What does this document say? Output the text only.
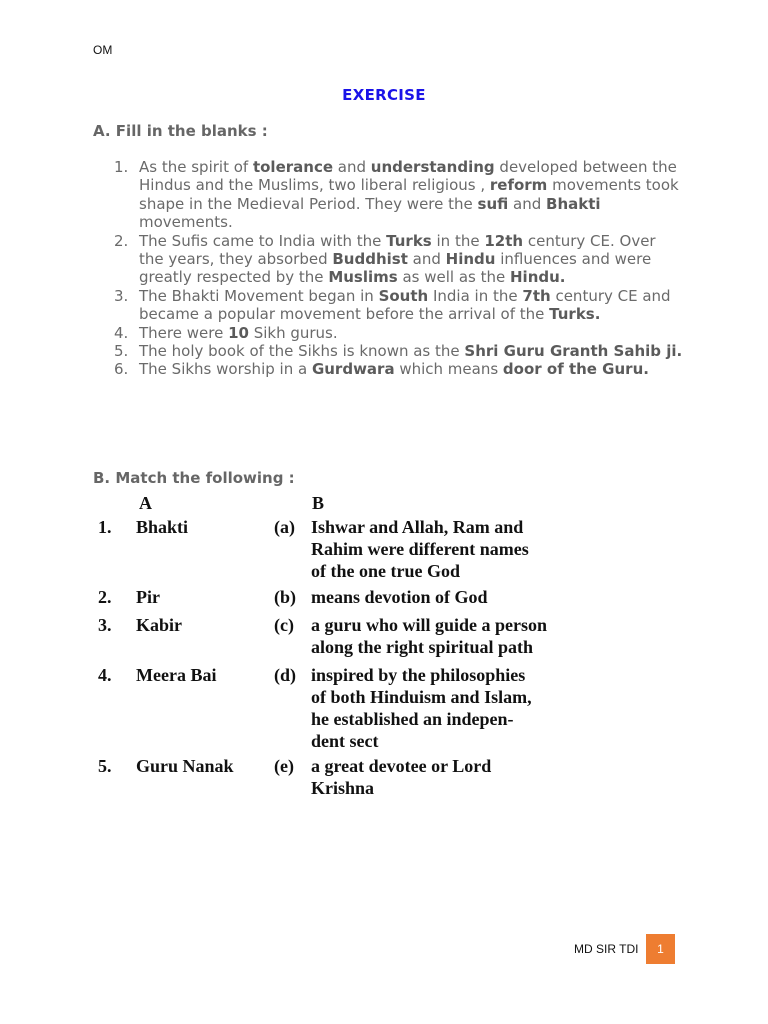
OM
EXERCISE
A. Fill in the blanks :
1. As the spirit of tolerance and understanding developed between the Hindus and the Muslims, two liberal religious , reform movements took shape in the Medieval Period. They were the sufi and Bhakti movements.
2. The Sufis came to India with the Turks in the 12th century CE. Over the years, they absorbed Buddhist and Hindu influences and were greatly respected by the Muslims as well as the Hindu.
3. The Bhakti Movement began in South India in the 7th century CE and became a popular movement before the arrival of the Turks.
4. There were 10 Sikh gurus.
5. The holy book of the Sikhs is known as the Shri Guru Granth Sahib ji.
6. The Sikhs worship in a Gurdwara which means door of the Guru.
B. Match the following :
A	B
1. Bhakti	(a) Ishwar and Allah, Ram and
Rahim were different names
of the one true God
2. Pir	(b) means devotion of God
3. Kabir	(c) a guru who will guide a person
along the right spiritual path
4. Meera Bai	(d) inspired by the philosophies
of both Hinduism and Islam,
he established an indepen-
dent sect
5. Guru Nanak (e) a great devotee or Lord
Krishna
MD SIR TDI	1
